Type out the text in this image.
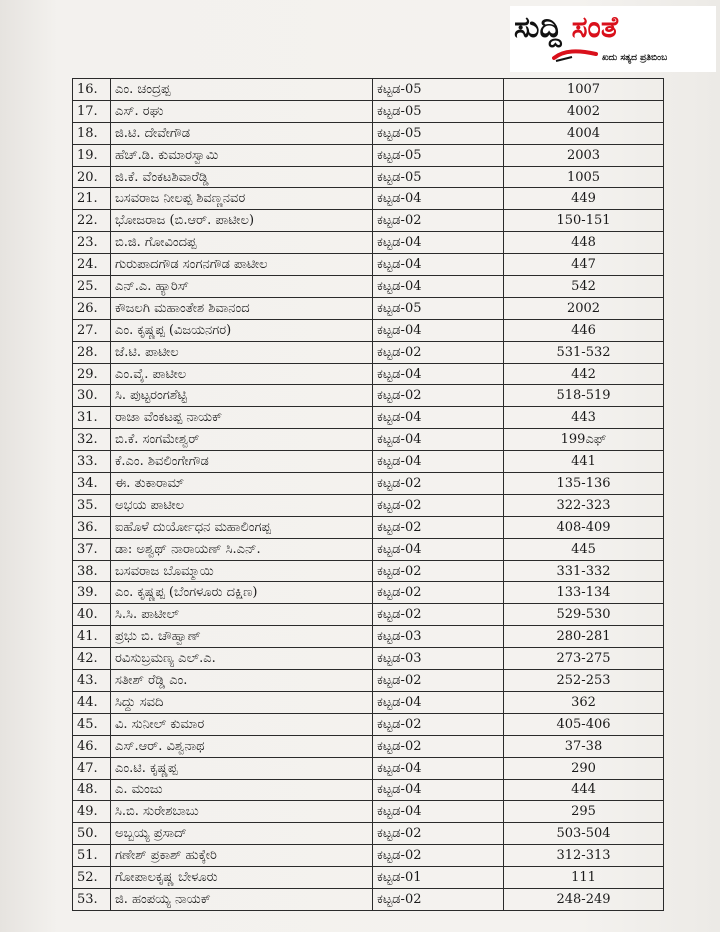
ಸುದ್ದಿ ಸಂತೆ
ಖದು ಸತ್ಯದ ಪ್ರತಿಬಿಂಬ
16.	ಎಂ. ಚಂದ್ರಪ್ಪ	ಕಟ್ಟಡ-05	1007
17.	ಎಸ್. ರಘು	ಕಟ್ಟಡ-05	4002
18.	ಜಿ.ಟಿ. ದೇವೇಗೌಡ	ಕಟ್ಟಡ-05	4004
19.	ಹೆಚ್.ಡಿ. ಕುಮಾರಸ್ವಾಮಿ	ಕಟ್ಟಡ-05	2003
20.	ಜಿ.ಕೆ. ವೆಂಕಟಶಿವಾರೆಡ್ಡಿ	ಕಟ್ಟಡ-05	1005
21.	ಬಸವರಾಜ ನೀಲಪ್ಪ ಶಿವಣ್ಣನವರ	ಕಟ್ಟಡ-04	449
22.	ಭೋಜರಾಜ (ಬಿ.ಆರ್. ಪಾಟೀಲ)	ಕಟ್ಟಡ-02	150-151
23.	ಬಿ.ಜಿ. ಗೋವಿಂದಪ್ಪ	ಕಟ್ಟಡ-04	448
24.	ಗುರುಪಾದಗೌಡ ಸಂಗನಗೌಡ ಪಾಟೀಲ	ಕಟ್ಟಡ-04	447
25.	ಎನ್.ಎ. ಹ್ಯಾರಿಸ್	ಕಟ್ಟಡ-04	542
26.	ಕೌಜಲಗಿ ಮಹಾಂತೇಶ ಶಿವಾನಂದ	ಕಟ್ಟಡ-05	2002
27.	ಎಂ. ಕೃಷ್ಣಪ್ಪ (ವಿಜಯನಗರ)	ಕಟ್ಟಡ-04	446
28.	ಜೆ.ಟಿ. ಪಾಟೀಲ	ಕಟ್ಟಡ-02	531-532
29.	ಎಂ.ವೈ. ಪಾಟೀಲ	ಕಟ್ಟಡ-04	442
30.	ಸಿ. ಪುಟ್ಟರಂಗಶೆಟ್ಟಿ	ಕಟ್ಟಡ-02	518-519
31.	ರಾಜಾ ವೆಂಕಟಪ್ಪ ನಾಯಕ್	ಕಟ್ಟಡ-04	443
32.	ಬಿ.ಕೆ. ಸಂಗಮೇಶ್ವರ್	ಕಟ್ಟಡ-04	199ಎಫ್
33.	ಕೆ.ಎಂ. ಶಿವಲಿಂಗೇಗೌಡ	ಕಟ್ಟಡ-04	441
34.	ಈ. ತುಕಾರಾಮ್	ಕಟ್ಟಡ-02	135-136
35.	ಅಭಯ ಪಾಟೀಲ	ಕಟ್ಟಡ-02	322-323
36.	ಐಹೊಳೆ ದುರ್ಯೋಧನ ಮಹಾಲಿಂಗಪ್ಪ	ಕಟ್ಟಡ-02	408-409
37.	ಡಾ: ಅಶ್ವಥ್ ನಾರಾಯಣ್ ಸಿ.ಎನ್.	ಕಟ್ಟಡ-04	445
38.	ಬಸವರಾಜ ಬೊಮ್ಮಾಯಿ	ಕಟ್ಟಡ-02	331-332
39.	ಎಂ. ಕೃಷ್ಣಪ್ಪ (ಬೆಂಗಳೂರು ದಕ್ಷಿಣ)	ಕಟ್ಟಡ-02	133-134
40.	ಸಿ.ಸಿ. ಪಾಟೀಲ್	ಕಟ್ಟಡ-02	529-530
41.	ಪ್ರಭು ಬಿ. ಚೌಹ್ವಾಣ್	ಕಟ್ಟಡ-03	280-281
42.	ರವಿಸುಬ್ರಮಣ್ಯ ಎಲ್.ಎ.	ಕಟ್ಟಡ-03	273-275
43.	ಸತೀಶ್ ರೆಡ್ಡಿ ಎಂ.	ಕಟ್ಟಡ-02	252-253
44.	ಸಿದ್ದು ಸವದಿ	ಕಟ್ಟಡ-04	362
45.	ವಿ. ಸುನೀಲ್ ಕುಮಾರ	ಕಟ್ಟಡ-02	405-406
46.	ಎಸ್.ಆರ್. ವಿಶ್ವನಾಥ	ಕಟ್ಟಡ-02	37-38
47.	ಎಂ.ಟಿ. ಕೃಷ್ಣಪ್ಪ	ಕಟ್ಟಡ-04	290
48.	ಎ. ಮಂಜು	ಕಟ್ಟಡ-04	444
49.	ಸಿ.ಬಿ. ಸುರೇಶಬಾಬು	ಕಟ್ಟಡ-04	295
50.	ಅಬ್ಬಯ್ಯ ಪ್ರಸಾದ್	ಕಟ್ಟಡ-02	503-504
51.	ಗಣೇಶ್ ಪ್ರಕಾಶ್ ಹುಕ್ಕೇರಿ	ಕಟ್ಟಡ-02	312-313
52.	ಗೋಪಾಲಕೃಷ್ಣ ಬೇಳೂರು	ಕಟ್ಟಡ-01	111
53.	ಜಿ. ಹಂಪಯ್ಯ ನಾಯಕ್	ಕಟ್ಟಡ-02	248-249
